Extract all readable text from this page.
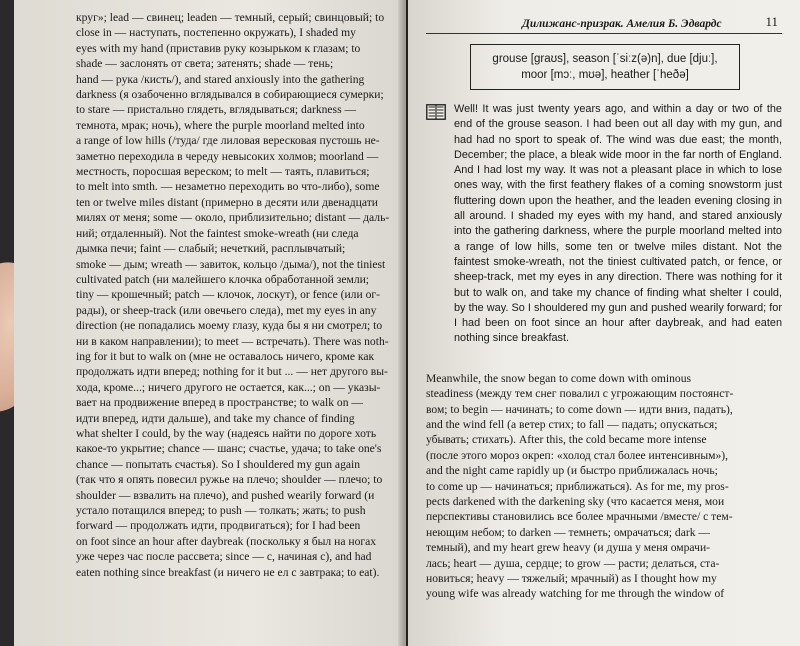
круг»; lead — свинец; leaden — темный, серый; свинцовый; to
close in — наступать, постепенно окружать), I shaded my
eyes with my hand (приставив руку козырьком к глазам; to
shade — заслонять от света; затенять; shade — тень;
hand — рука /кисть/), and stared anxiously into the gathering
darkness (я озабоченно вглядывался в собирающиеся сумерки;
to stare — пристально глядеть, вглядываться; darkness —
темнота, мрак; ночь), where the purple moorland melted into
a range of low hills (/туда/ где лиловая вересковая пустошь не-
заметно переходила в череду невысоких холмов; moorland —
местность, поросшая вереском; to melt — таять, плавиться;
to melt into smth. — незаметно переходить во что-либо), some
ten or twelve miles distant (примерно в десяти или двенадцати
милях от меня; some — около, приблизительно; distant — даль-
ний; отдаленный). Not the faintest smoke-wreath (ни следа
дымка печи; faint — слабый; нечеткий, расплывчатый;
smoke — дым; wreath — завиток, кольцо /дыма/), not the tiniest
cultivated patch (ни малейшего клочка обработанной земли;
tiny — крошечный; patch — клочок, лоскут), or fence (или ог-
рады), or sheep-track (или овечьего следа), met my eyes in any
direction (не попадались моему глазу, куда бы я ни смотрел; to
ни в каком направлении); to meet — встречать). There was noth-
ing for it but to walk on (мне не оставалось ничего, кроме как
продолжать идти вперед; nothing for it but ... — нет другого вы-
хода, кроме...; ничего другого не остается, как...; on — указы-
вает на продвижение вперед в пространстве; to walk on —
идти вперед, идти дальше), and take my chance of finding
what shelter I could, by the way (надеясь найти по дороге хоть
какое-то укрытие; chance — шанс; счастье, удача; to take one's
chance — попытать счастья). So I shouldered my gun again
(так что я опять повесил ружье на плечо; shoulder — плечо; to
shoulder — взвалить на плечо), and pushed wearily forward (и
устало потащился вперед; to push — толкать; жать; to push
forward — продолжать идти, продвигаться); for I had been
on foot since an hour after daybreak (поскольку я был на ногах
уже через час после рассвета; since — с, начиная с), and had
eaten nothing since breakfast (и ничего не ел с завтрака; to eat).
Дилижанс-призрак. Амелия Б. Эдвардс	11
grouse [graʊs], season [ˈsiːz(ə)n], due [djuː],
moor [mɔː, mʊə], heather [ˈheðə]
Well! It was just twenty years ago, and within a day or two of the end of the grouse season. I had been out all day with my gun, and had had no sport to speak of. The wind was due east; the month, December; the place, a bleak wide moor in the far north of England. And I had lost my way. It was not a pleasant place in which to lose ones way, with the first feathery flakes of a coming snowstorm just fluttering down upon the heather, and the leaden evening closing in all around. I shaded my eyes with my hand, and stared anxiously into the gathering darkness, where the purple moorland melted into a range of low hills, some ten or twelve miles distant. Not the faintest smoke-wreath, not the tiniest cultivated patch, or fence, or sheep-track, met my eyes in any direction. There was nothing for it but to walk on, and take my chance of finding what shelter I could, by the way. So I shouldered my gun and pushed wearily forward; for I had been on foot since an hour after daybreak, and had eaten nothing since breakfast.
Meanwhile, the snow began to come down with ominous
steadiness (между тем снег повалил с угрожающим постоянст-
вом; to begin — начинать; to come down — идти вниз, падать),
and the wind fell (а ветер стих; to fall — падать; опускаться;
убывать; стихать). After this, the cold became more intense
(после этого мороз окреп: «холод стал более интенсивным»),
and the night came rapidly up (и быстро приближалась ночь;
to come up — начинаться; приближаться). As for me, my pros-
pects darkened with the darkening sky (что касается меня, мои
перспективы становились все более мрачными /вместе/ с тем-
неющим небом; to darken — темнеть; омрачаться; dark —
темный), and my heart grew heavy (и душа у меня омрачи-
лась; heart — душа, сердце; to grow — расти; делаться, ста-
новиться; heavy — тяжелый; мрачный) as I thought how my
young wife was already watching for me through the window of
